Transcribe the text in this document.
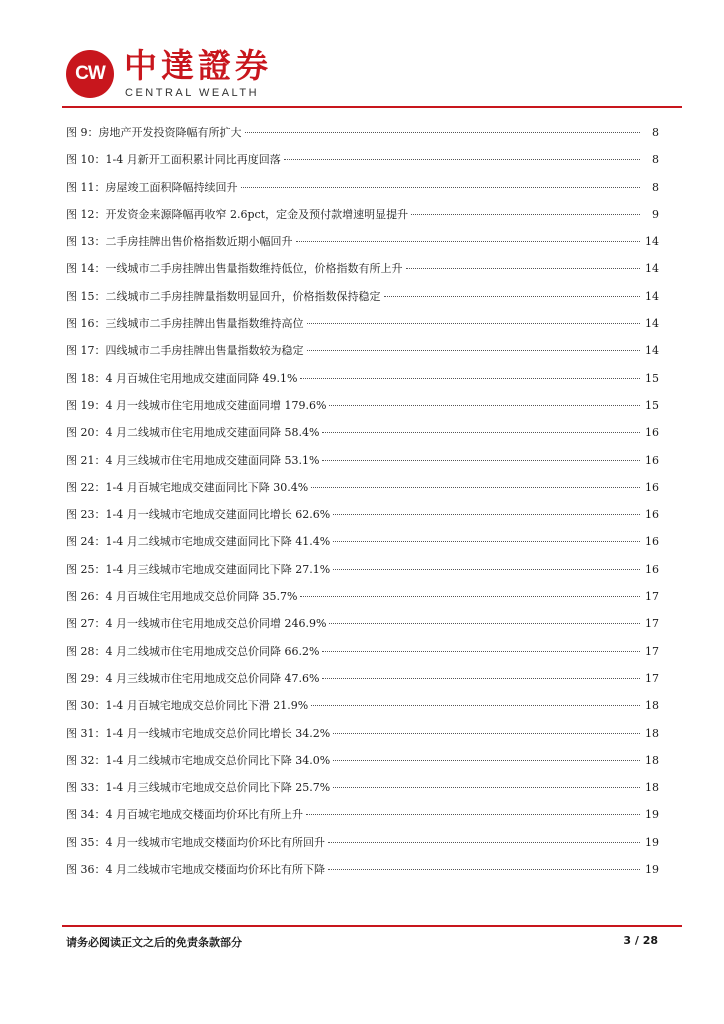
CW 中達證券
CENTRAL WEALTH
图 9：房地产开发投资降幅有所扩大	8
图 10：1-4 月新开工面积累计同比再度回落	8
图 11：房屋竣工面积降幅持续回升	8
图 12：开发资金来源降幅再收窄 2.6pct，定金及预付款增速明显提升	9
图 13：二手房挂牌出售价格指数近期小幅回升	14
图 14：一线城市二手房挂牌出售量指数维持低位，价格指数有所上升	14
图 15：二线城市二手房挂牌量指数明显回升，价格指数保持稳定	14
图 16：三线城市二手房挂牌出售量指数维持高位	14
图 17：四线城市二手房挂牌出售量指数较为稳定	14
图 18：4 月百城住宅用地成交建面同降 49.1%	15
图 19：4 月一线城市住宅用地成交建面同增 179.6%	15
图 20：4 月二线城市住宅用地成交建面同降 58.4%	16
图 21：4 月三线城市住宅用地成交建面同降 53.1%	16
图 22：1-4 月百城宅地成交建面同比下降 30.4%	16
图 23：1-4 月一线城市宅地成交建面同比增长 62.6%	16
图 24：1-4 月二线城市宅地成交建面同比下降 41.4%	16
图 25：1-4 月三线城市宅地成交建面同比下降 27.1%	16
图 26：4 月百城住宅用地成交总价同降 35.7%	17
图 27：4 月一线城市住宅用地成交总价同增 246.9%	17
图 28：4 月二线城市住宅用地成交总价同降 66.2%	17
图 29：4 月三线城市住宅用地成交总价同降 47.6%	17
图 30：1-4 月百城宅地成交总价同比下滑 21.9%	18
图 31：1-4 月一线城市宅地成交总价同比增长 34.2%	18
图 32：1-4 月二线城市宅地成交总价同比下降 34.0%	18
图 33：1-4 月三线城市宅地成交总价同比下降 25.7%	18
图 34：4 月百城宅地成交楼面均价环比有所上升	19
图 35：4 月一线城市宅地成交楼面均价环比有所回升	19
图 36：4 月二线城市宅地成交楼面均价环比有所下降	19
请务必阅读正文之后的免责条款部分	3 / 28
